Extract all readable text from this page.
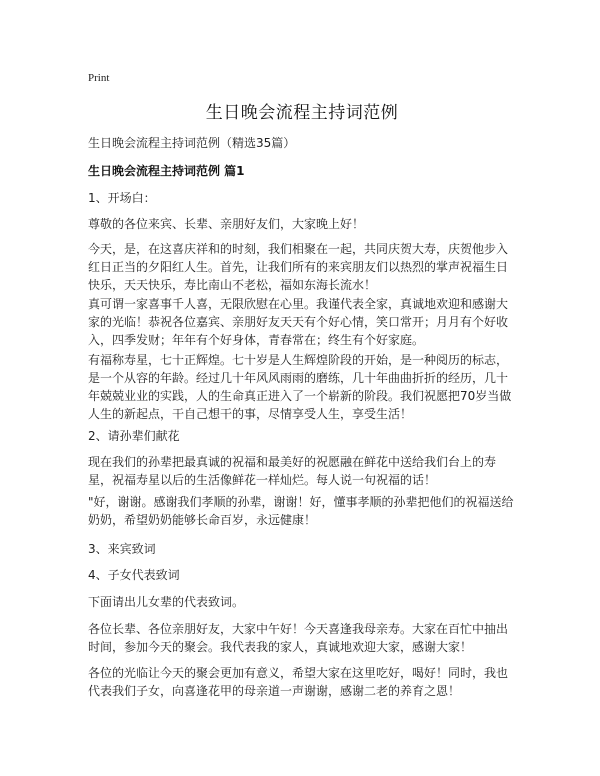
Print
生日晚会流程主持词范例
生日晚会流程主持词范例（精选35篇）
生日晚会流程主持词范例 篇1
1、开场白：
尊敬的各位来宾、长辈、亲朋好友们，大家晚上好！
今天，是，在这喜庆祥和的时刻，我们相聚在一起，共同庆贺大寿，庆贺他步入红日正当的夕阳红人生。首先，让我们所有的来宾朋友们以热烈的掌声祝福生日快乐，天天快乐，寿比南山不老松，福如东海长流水！
真可谓一家喜事千人喜，无限欣慰在心里。我谨代表全家，真诚地欢迎和感谢大家的光临！恭祝各位嘉宾、亲朋好友天天有个好心情，笑口常开；月月有个好收入，四季发财；年年有个好身体，青春常在；终生有个好家庭。
有福称寿星，七十正辉煌。七十岁是人生辉煌阶段的开始，是一种阅历的标志，是一个从容的年龄。经过几十年风风雨雨的磨练，几十年曲曲折折的经历，几十年兢兢业业的实践，人的生命真正进入了一个崭新的阶段。我们祝愿把70岁当做人生的新起点，干自己想干的事，尽情享受人生，享受生活！
2、请孙辈们献花
现在我们的孙辈把最真诚的祝福和最美好的祝愿融在鲜花中送给我们台上的寿星，祝福寿星以后的生活像鲜花一样灿烂。每人说一句祝福的话！
"好，谢谢。感谢我们孝顺的孙辈，谢谢！好，懂事孝顺的孙辈把他们的祝福送给奶奶，希望奶奶能够长命百岁，永远健康！
3、来宾致词
4、子女代表致词
下面请出儿女辈的代表致词。
各位长辈、各位亲朋好友，大家中午好！今天喜逢我母亲寿。大家在百忙中抽出时间，参加今天的聚会。我代表我的家人，真诚地欢迎大家，感谢大家！
各位的光临让今天的聚会更加有意义，希望大家在这里吃好，喝好！同时，我也代表我们子女，向喜逢花甲的母亲道一声谢谢，感谢二老的养育之恩！
